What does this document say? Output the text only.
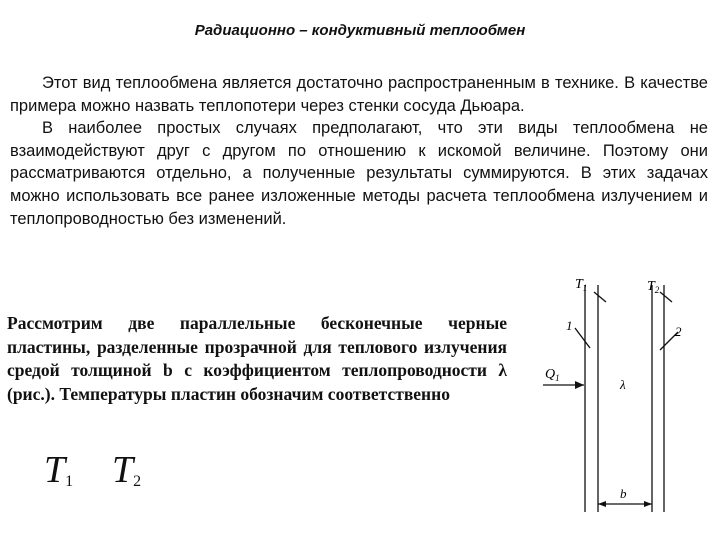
Радиационно – кондуктивный теплообмен

Этот вид теплообмена является достаточно распространенным в технике. В качестве примера можно назвать теплопотери через стенки сосуда Дьюара.

В наиболее простых случаях предполагают, что эти виды теплообмена не взаимодействуют друг с другом по отношению к искомой величине. Поэтому они рассматриваются отдельно, а полученные результаты суммируются. В этих задачах можно использовать все ранее изложенные методы расчета теплообмена излучением и теплопроводностью без изменений.

Рассмотрим две параллельные бесконечные черные пластины, разделенные прозрачной для теплового излучения средой толщиной b с коэффициентом теплопроводности λ (рис.). Температуры пластин обозначим соответственно
T1 T2
$T_1$	$T_2$
1	2
$Q_1$	λ
b
